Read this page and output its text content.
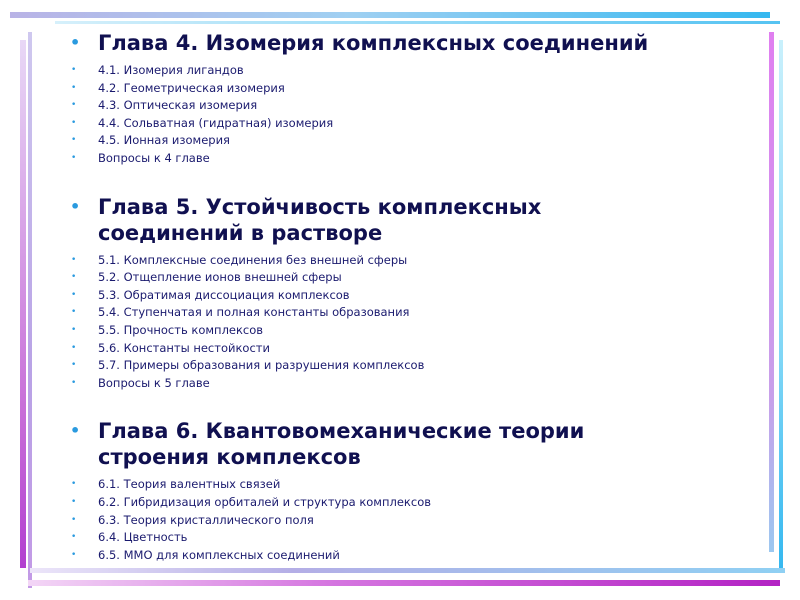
• Глава 4. Изомерия комплексных соединений
• 4.1. Изомерия лигандов
• 4.2. Геометрическая изомерия
• 4.3. Оптическая изомерия
• 4.4. Сольватная (гидратная) изомерия
• 4.5. Ионная изомерия
• Вопросы к 4 главе
• Глава 5. Устойчивость комплексных соединений в растворе
• 5.1. Комплексные соединения без внешней сферы
• 5.2. Отщепление ионов внешней сферы
• 5.3. Обратимая диссоциация комплексов
• 5.4. Ступенчатая и полная константы образования
• 5.5. Прочность комплексов
• 5.6. Константы нестойкости
• 5.7. Примеры образования и разрушения комплексов
• Вопросы к 5 главе
• Глава 6. Квантовомеханические теории строения комплексов
• 6.1. Теория валентных связей
• 6.2. Гибридизация орбиталей и структура комплексов
• 6.3. Теория кристаллического поля
• 6.4. Цветность
• 6.5. ММО для комплексных соединений
